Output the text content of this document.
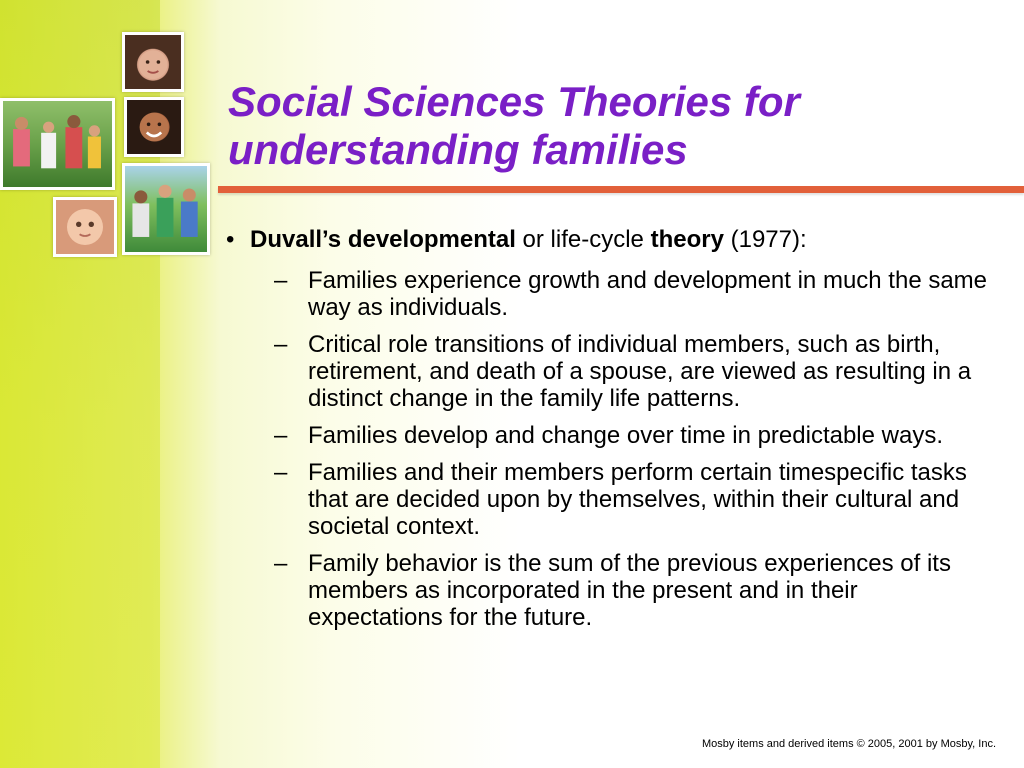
Social Sciences Theories for understanding families
• Duvall’s developmental or life-cycle theory (1977):
– Families experience growth and development in much the same way as individuals.
– Critical role transitions of individual members, such as birth, retirement, and death of a spouse, are viewed as resulting in a distinct change in the family life patterns.
– Families develop and change over time in predictable ways.
– Families and their members perform certain timespecific tasks that are decided upon by themselves, within their cultural and societal context.
– Family behavior is the sum of the previous experiences of its members as incorporated in the present and in their expectations for the future.
Mosby items and derived items © 2005, 2001 by Mosby, Inc.
